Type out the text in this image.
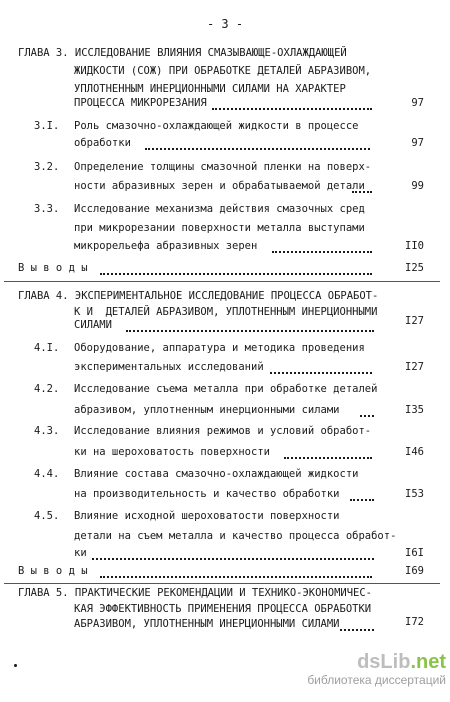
- 3 -
ГЛАВА 3. ИССЛЕДОВАНИЕ ВЛИЯНИЯ СМАЗЫВАЮЩЕ-ОХЛАЖДАЮЩЕЙ
ЖИДКОСТИ (СОЖ) ПРИ ОБРАБОТКЕ ДЕТАЛЕЙ АБРАЗИВОМ,
УПЛОТНЕННЫМ ИНЕРЦИОННЫМИ СИЛАМИ НА ХАРАКТЕР
ПРОЦЕССА МИКРОРЕЗАНИЯ	97
3.I. Роль смазочно-охлаждающей жидкости в процессе
обработки	97
3.2. Определение толщины смазочной пленки на поверх-
ности абразивных зерен и обрабатываемой детали	99
3.3. Исследование механизма действия смазочных сред
при микрорезании поверхности металла выступами
микрорельефа абразивных зерен	II0
В ы в о д ы	I25
ГЛАВА 4. ЭКСПЕРИМЕНТАЛЬНОЕ ИССЛЕДОВАНИЕ ПРОЦЕССА ОБРАБОТ-
К И  ДЕТАЛЕЙ АБРАЗИВОМ, УПЛОТНЕННЫМ ИНЕРЦИОННЫМИ
СИЛАМИ	I27
4.I. Оборудование, аппаратура и методика проведения
экспериментальных исследований	I27
4.2. Исследование съема металла при обработке деталей
абразивом, уплотненным инерционными силами	I35
4.3. Исследование влияния режимов и условий обработ-
ки на шероховатость поверхности	I46
4.4. Влияние состава смазочно-охлаждающей жидкости
на производительность и качество обработки	I53
4.5. Влияние исходной шероховатости поверхности
детали на съем металла и качество процесса обработ-
ки	I6I
В ы в о д ы	I69
ГЛАВА 5. ПРАКТИЧЕСКИЕ РЕКОМЕНДАЦИИ И ТЕХНИКО-ЭКОНОМИЧЕС-
КАЯ ЭФФЕКТИВНОСТЬ ПРИМЕНЕНИЯ ПРОЦЕССА ОБРАБОТКИ
АБРАЗИВОМ, УПЛОТНЕННЫМ ИНЕРЦИОННЫМИ СИЛАМИ	I72
dsLib.net
библиотека диссертаций
